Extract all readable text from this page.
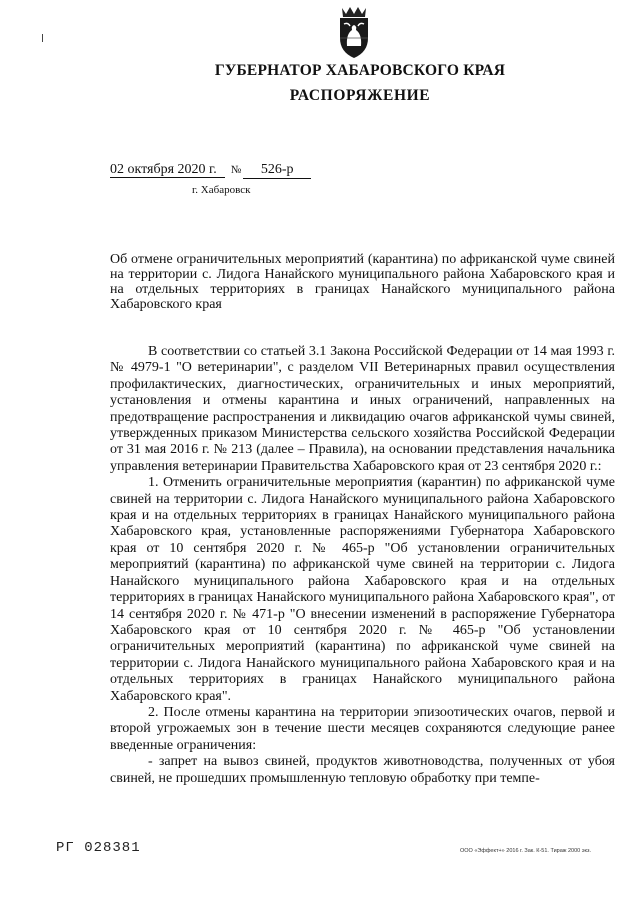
ГУБЕРНАТОР ХАБАРОВСКОГО КРАЯ
РАСПОРЯЖЕНИЕ
02 октября 2020 г. № 526-р
г. Хабаровск
Об отмене ограничительных мероприятий (карантина) по африканской чуме свиней на территории с. Лидога Нанайского муниципального района Хабаровского края и на отдельных территориях в границах Нанайского муниципального района Хабаровского края

В соответствии со статьей 3.1 Закона Российской Федерации от 14 мая 1993 г. № 4979-1 "О ветеринарии", с разделом VII Ветеринарных правил осуществления профилактических, диагностических, ограничительных и иных мероприятий, установления и отмены карантина и иных ограничений, направленных на предотвращение распространения и ликвидацию очагов африканской чумы свиней, утвержденных приказом Министерства сельского хозяйства Российской Федерации от 31 мая 2016 г. № 213 (далее – Правила), на основании представления начальника управления ветеринарии Правительства Хабаровского края от 23 сентября 2020 г.:

1. Отменить ограничительные мероприятия (карантин) по африканской чуме свиней на территории с. Лидога Нанайского муниципального района Хабаровского края и на отдельных территориях в границах Нанайского муниципального района Хабаровского края, установленные распоряжениями Губернатора Хабаровского края от 10 сентября 2020 г. № 465-р "Об установлении ограничительных мероприятий (карантина) по африканской чуме свиней на территории с. Лидога Нанайского муниципального района Хабаровского края и на отдельных территориях в границах Нанайского муниципального района Хабаровского края", от 14 сентября 2020 г. № 471-р "О внесении изменений в распоряжение Губернатора Хабаровского края от 10 сентября 2020 г. № 465-р "Об установлении ограничительных мероприятий (карантина) по африканской чуме свиней на территории с. Лидога Нанайского муниципального района Хабаровского края и на отдельных территориях в границах Нанайского муниципального района Хабаровского края".

2. После отмены карантина на территории эпизоотических очагов, первой и второй угрожаемых зон в течение шести месяцев сохраняются следующие ранее введенные ограничения:

- запрет на вывоз свиней, продуктов животноводства, полученных от убоя свиней, не прошедших промышленную тепловую обработку при темпе-

РГ 028381	ООО «Эффект+» 2016 г. Зак. К-51. Тираж 2000 экз.
